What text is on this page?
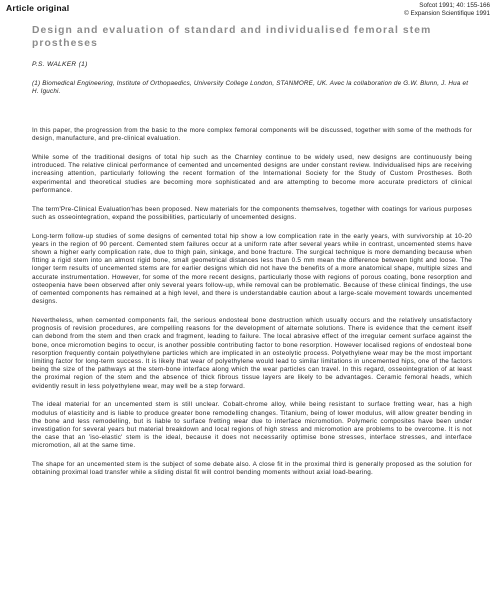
Article original	Sofcot 1991; 40: 155-166
© Expansion Scientifique 1991
Design and evaluation of standard and individualised femoral stem prostheses
P.S. WALKER (1)
(1) Biomedical Engineering, Institute of Orthopaedics, University College London, STANMORE, UK. Avec la collaboration de G.W. Blunn, J. Hua et H. Iguchi.

In this paper, the progression from the basic to the more complex femoral components will be discussed, together with some of the methods for design, manufacture, and pre-clinical evaluation.

While some of the traditional designs of total hip such as the Charnley continue to be widely used, new designs are continuously being introduced. The relative clinical performance of cemented and uncemented designs are under constant review. Individualised hips are receiving increasing attention, particularly following the recent formation of the International Society for the Study of Custom Prostheses. Both experimental and theoretical studies are becoming more sophisticated and are attempting to become more accurate predictors of clinical performance.

The term'Pre-Clinical Evaluation'has been proposed. New materials for the components themselves, together with coatings for various purposes such as osseointegration, expand the possibilities, particularly of uncemented designs.

Long-term follow-up studies of some designs of cemented total hip show a low complication rate in the early years, with survivorship at 10-20 years in the region of 90 percent. Cemented stem failures occur at a uniform rate after several years while in contrast, uncemented stems have shown a higher early complication rate, due to thigh pain, sinkage, and bone fracture. The surgical technique is more demanding because when fitting a rigid stem into an almost rigid bone, small geometrical distances less than 0.5 mm mean the difference between tight and loose. The longer term results of uncemented stems are for earlier designs which did not have the benefits of a more anatomical shape, multiple sizes and accurate instrumentation. However, for some of the more recent designs, particularly those with regions of porous coating, bone resorption and osteopenia have been observed after only several years follow-up, while removal can be problematic. Because of these clinical findings, the use of cemented components has remained at a high level, and there is understandable caution about a large-scale movement towards uncemented designs.

Nevertheless, when cemented components fail, the serious endosteal bone destruction which usually occurs and the relatively unsatisfactory prognosis of revision procedures, are compelling reasons for the development of alternate solutions. There is evidence that the cement itself can debond from the stem and then crack and fragment, leading to failure. The local abrasive effect of the irregular cement surface against the bone, once micromotion begins to occur, is another possible contributing factor to bone resorption. However localised regions of endosteal bone resorption frequently contain polyethylene particles which are implicated in an osteolytic process. Polyethylene wear may be the most important limiting factor for long-term success. It is likely that wear of polyethylene would lead to similar limitations in uncemented hips, one of the factors being the size of the pathways at the stem-bone interface along which the wear particles can travel. In this regard, osseointegration of at least the proximal region of the stem and the absence of thick fibrous tissue layers are likely to be advantages. Ceramic femoral heads, which evidently result in less polyethylene wear, may well be a step forward.

The ideal material for an uncemented stem is still unclear. Cobalt-chrome alloy, while being resistant to surface fretting wear, has a high modulus of elasticity and is liable to produce greater bone remodelling changes. Titanium, being of lower modulus, will allow greater bending in the bone and less remodelling, but is liable to surface fretting wear due to interface micromotion. Polymeric composites have been under investigation for several years but material breakdown and local regions of high stress and micromotion are problems to be overcome. It is not the case that an 'iso-elastic' stem is the ideal, because it does not necessarily optimise bone stresses, interface stresses, and interface micromotion, all at the same time.

The shape for an uncemented stem is the subject of some debate also. A close fit in the proximal third is generally proposed as the solution for obtaining proximal load transfer while a sliding distal fit will control bending moments without axial load-bearing.
